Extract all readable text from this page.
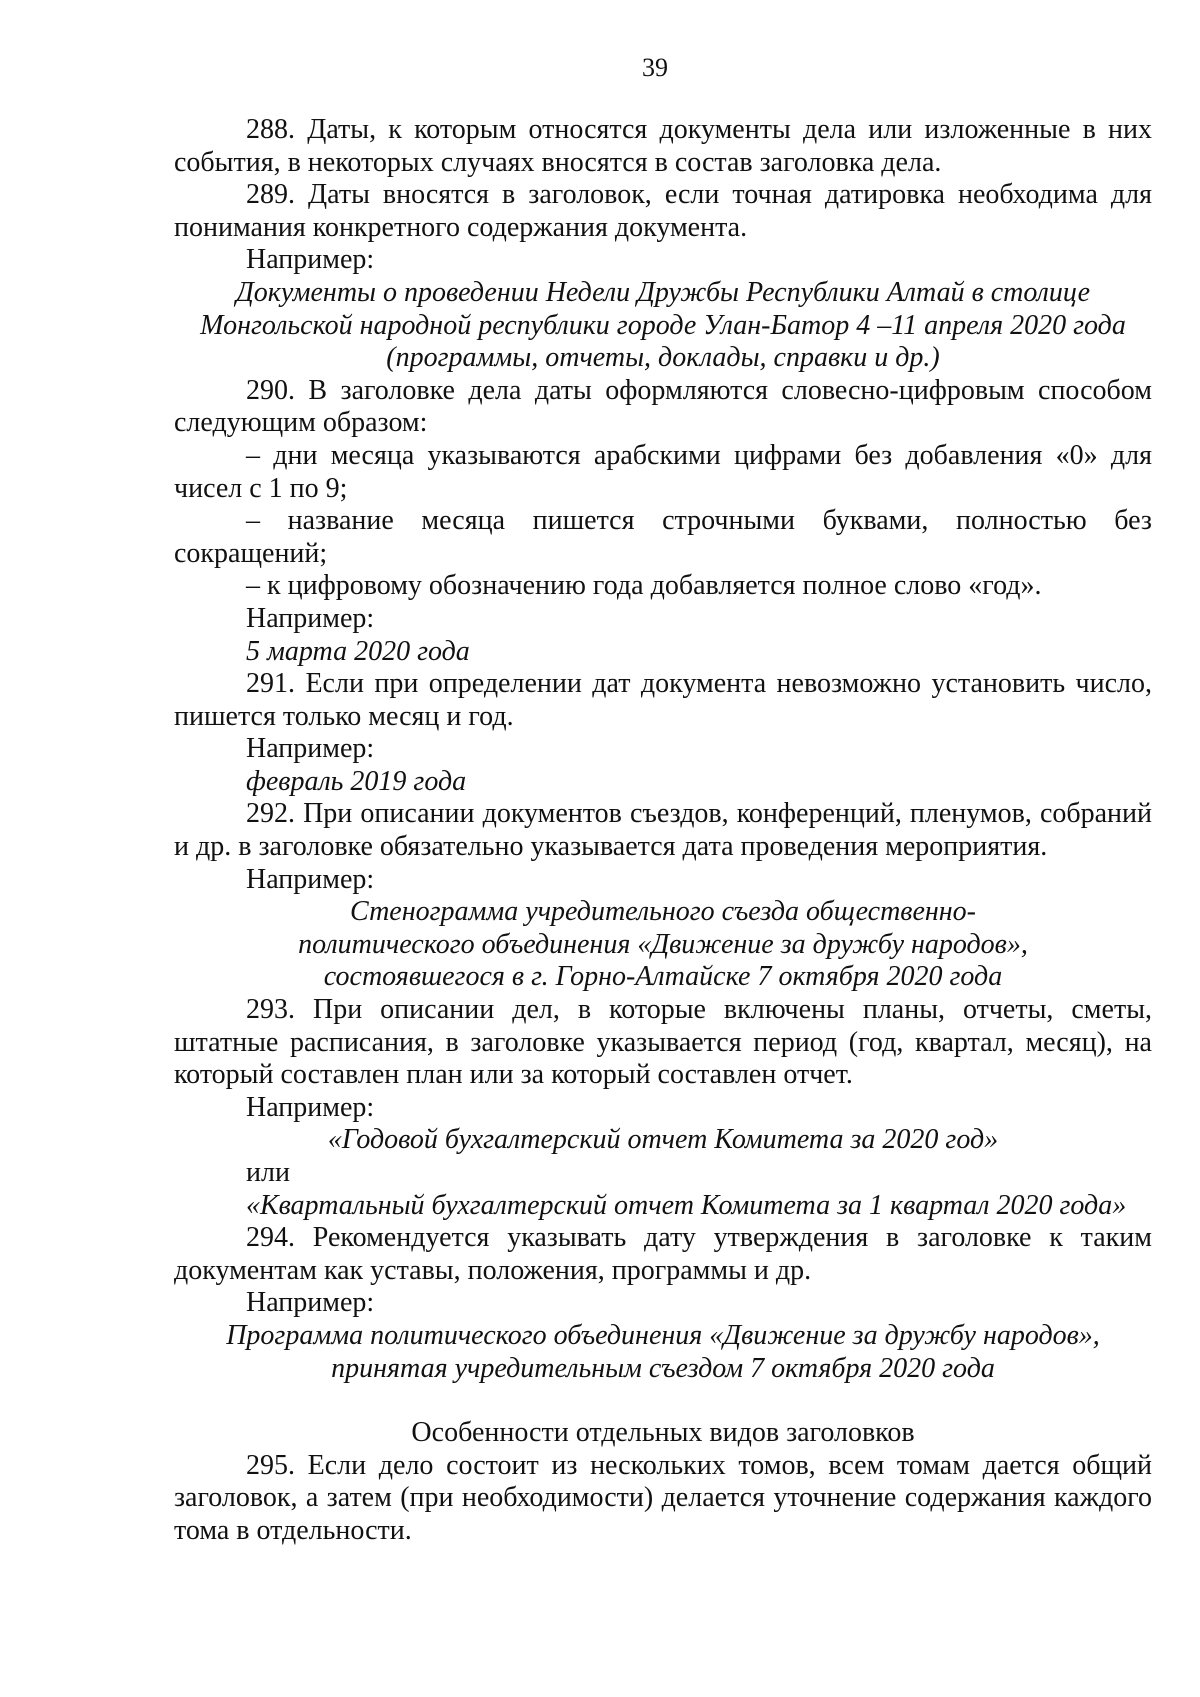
39

288. Даты, к которым относятся документы дела или изложенные в них события, в некоторых случаях вносятся в состав заголовка дела.

289. Даты вносятся в заголовок, если точная датировка необходима для понимания конкретного содержания документа.

Например:

Документы о проведении Недели Дружбы Республики Алтай в столице Монгольской народной республики городе Улан-Батор 4 –11 апреля 2020 года (программы, отчеты, доклады, справки и др.)

290. В заголовке дела даты оформляются словесно-цифровым способом следующим образом:

– дни месяца указываются арабскими цифрами без добавления «0» для чисел с 1 по 9;

– название месяца пишется строчными буквами, полностью без сокращений;

– к цифровому обозначению года добавляется полное слово «год».

Например:

5 марта 2020 года

291. Если при определении дат документа невозможно установить число, пишется только месяц и год.

Например:

февраль 2019 года

292. При описании документов съездов, конференций, пленумов, собраний и др. в заголовке обязательно указывается дата проведения мероприятия.

Например:

Стенограмма учредительного съезда общественно-политического объединения «Движение за дружбу народов», состоявшегося в г. Горно-Алтайске 7 октября 2020 года

293. При описании дел, в которые включены планы, отчеты, сметы, штатные расписания, в заголовке указывается период (год, квартал, месяц), на который составлен план или за который составлен отчет.

Например:

«Годовой бухгалтерский отчет Комитета за 2020 год»

или

«Квартальный бухгалтерский отчет Комитета за 1 квартал 2020 года»

294. Рекомендуется указывать дату утверждения в заголовке к таким документам как уставы, положения, программы и др.

Например:

Программа политического объединения «Движение за дружбу народов», принятая учредительным съездом 7 октября 2020 года

Особенности отдельных видов заголовков

295. Если дело состоит из нескольких томов, всем томам дается общий заголовок, а затем (при необходимости) делается уточнение содержания каждого тома в отдельности.
